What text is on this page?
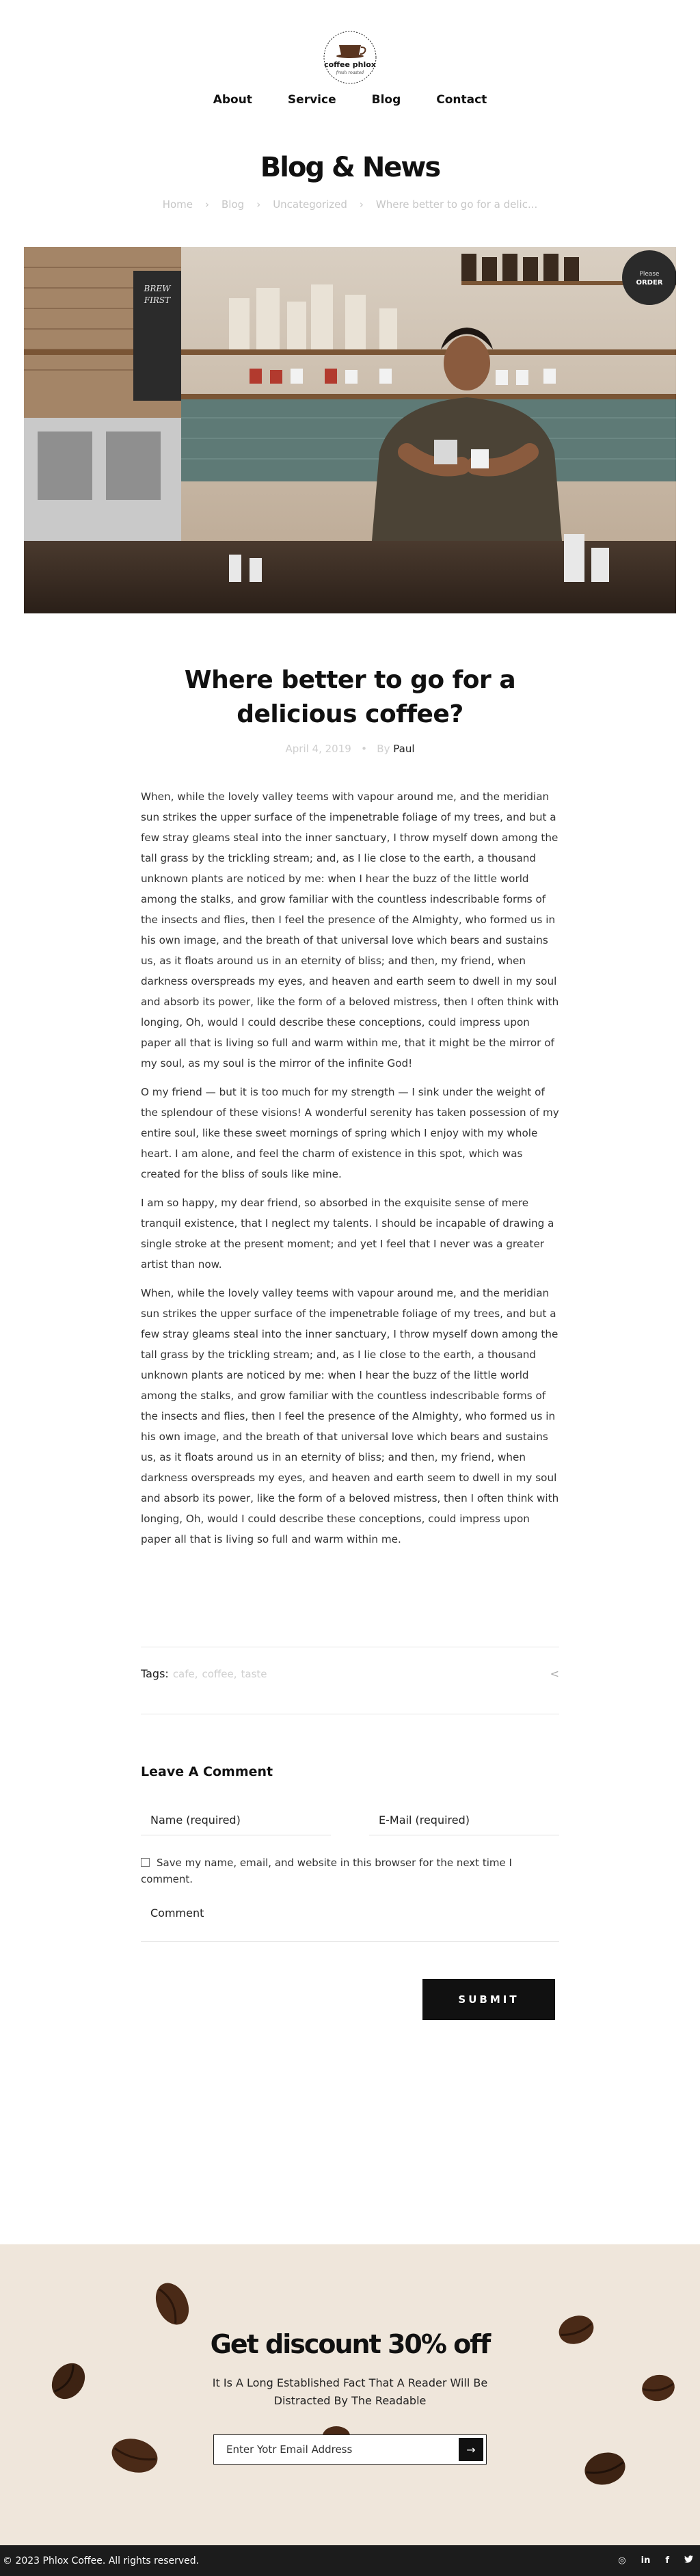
coffee phlox
fresh roasted
About	Service	Blog	Contact
Blog & News
Home › Blog › Uncategorized › Where better to go for a delic...
BREW
FIRST
Please
ORDER
Where better to go for a delicious coffee?
April 4, 2019   •   By Paul

When, while the lovely valley teems with vapour around me, and the meridian sun strikes the upper surface of the impenetrable foliage of my trees, and but a few stray gleams steal into the inner sanctuary, I throw myself down among the tall grass by the trickling stream; and, as I lie close to the earth, a thousand unknown plants are noticed by me: when I hear the buzz of the little world among the stalks, and grow familiar with the countless indescribable forms of the insects and flies, then I feel the presence of the Almighty, who formed us in his own image, and the breath of that universal love which bears and sustains us, as it floats around us in an eternity of bliss; and then, my friend, when darkness overspreads my eyes, and heaven and earth seem to dwell in my soul and absorb its power, like the form of a beloved mistress, then I often think with longing, Oh, would I could describe these conceptions, could impress upon paper all that is living so full and warm within me, that it might be the mirror of my soul, as my soul is the mirror of the infinite God!

O my friend — but it is too much for my strength — I sink under the weight of the splendour of these visions! A wonderful serenity has taken possession of my entire soul, like these sweet mornings of spring which I enjoy with my whole heart. I am alone, and feel the charm of existence in this spot, which was created for the bliss of souls like mine.

I am so happy, my dear friend, so absorbed in the exquisite sense of mere tranquil existence, that I neglect my talents. I should be incapable of drawing a single stroke at the present moment; and yet I feel that I never was a greater artist than now.

When, while the lovely valley teems with vapour around me, and the meridian sun strikes the upper surface of the impenetrable foliage of my trees, and but a few stray gleams steal into the inner sanctuary, I throw myself down among the tall grass by the trickling stream; and, as I lie close to the earth, a thousand unknown plants are noticed by me: when I hear the buzz of the little world among the stalks, and grow familiar with the countless indescribable forms of the insects and flies, then I feel the presence of the Almighty, who formed us in his own image, and the breath of that universal love which bears and sustains us, as it floats around us in an eternity of bliss; and then, my friend, when darkness overspreads my eyes, and heaven and earth seem to dwell in my soul and absorb its power, like the form of a beloved mistress, then I often think with longing, Oh, would I could describe these conceptions, could impress upon paper all that is living so full and warm within me.

Tags: cafe, coffee, taste	<
Leave A Comment
Name (required)
E-Mail (required)
Save my name, email, and website in this browser for the next time I comment.
Comment
SUBMIT
Get discount 30% off

It Is A Long Established Fact That A Reader Will Be Distracted By The Readable

Enter Yotr Email Address	→
© 2023 Phlox Coffee. All rights reserved.	◎ in f
